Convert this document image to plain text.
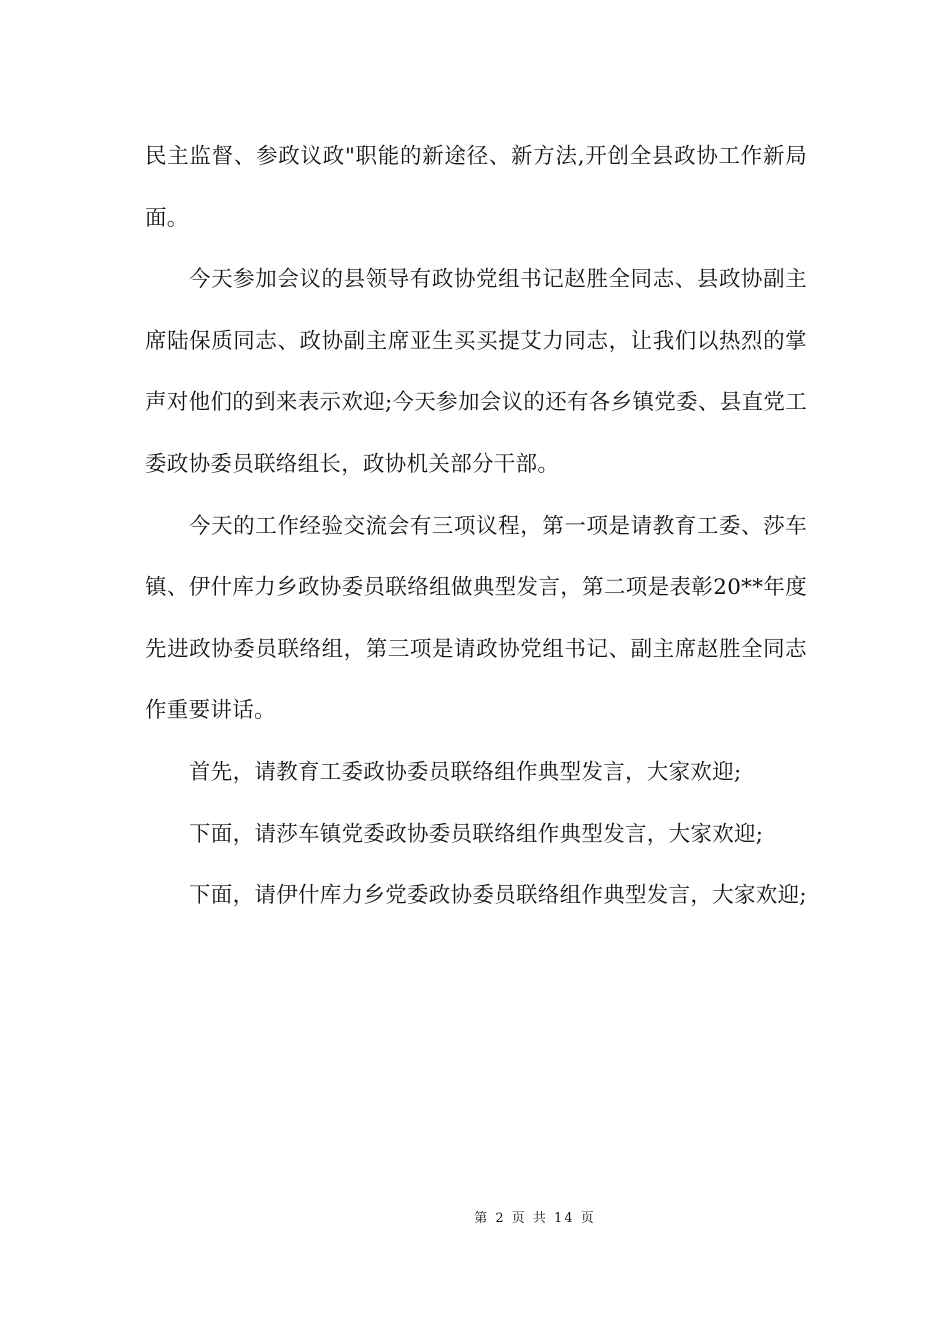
民主监督、参政议政"职能的新途径、新方法,开创全县政协工作新局面。

今天参加会议的县领导有政协党组书记赵胜全同志、县政协副主席陆保质同志、政协副主席亚生买买提艾力同志，让我们以热烈的掌声对他们的到来表示欢迎;今天参加会议的还有各乡镇党委、县直党工委政协委员联络组长，政协机关部分干部。

今天的工作经验交流会有三项议程，第一项是请教育工委、莎车镇、伊什库力乡政协委员联络组做典型发言，第二项是表彰20**年度先进政协委员联络组，第三项是请政协党组书记、副主席赵胜全同志作重要讲话。

首先，请教育工委政协委员联络组作典型发言，大家欢迎;

下面，请莎车镇党委政协委员联络组作典型发言，大家欢迎;

下面，请伊什库力乡党委政协委员联络组作典型发言，大家欢迎;

第 2 页 共 14 页
